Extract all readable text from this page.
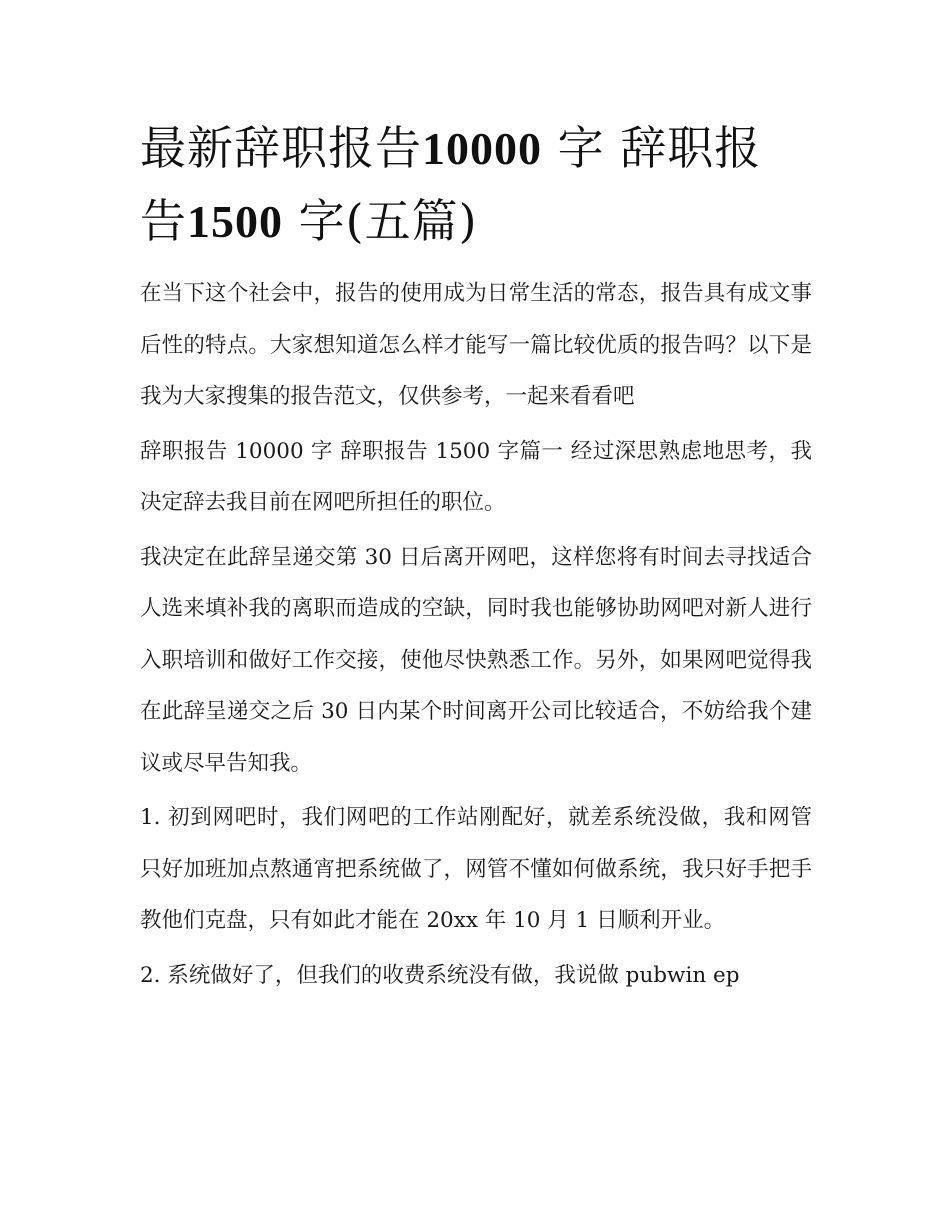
最新辞职报告10000 字 辞职报
告1500 字(五篇)

在当下这个社会中，报告的使用成为日常生活的常态，报告具有成文事后性的特点。大家想知道怎么样才能写一篇比较优质的报告吗？以下是我为大家搜集的报告范文，仅供参考，一起来看看吧

辞职报告 10000 字 辞职报告 1500 字篇一 经过深思熟虑地思考，我决定辞去我目前在网吧所担任的职位。

我决定在此辞呈递交第 30 日后离开网吧，这样您将有时间去寻找适合人选来填补我的离职而造成的空缺，同时我也能够协助网吧对新人进行入职培训和做好工作交接，使他尽快熟悉工作。另外，如果网吧觉得我在此辞呈递交之后 30 日内某个时间离开公司比较适合，不妨给我个建议或尽早告知我。

1. 初到网吧时，我们网吧的工作站刚配好，就差系统没做，我和网管只好加班加点熬通宵把系统做了，网管不懂如何做系统，我只好手把手教他们克盘，只有如此才能在 20xx 年 10 月 1 日顺利开业。

2. 系统做好了，但我们的收费系统没有做，我说做 pubwin ep
